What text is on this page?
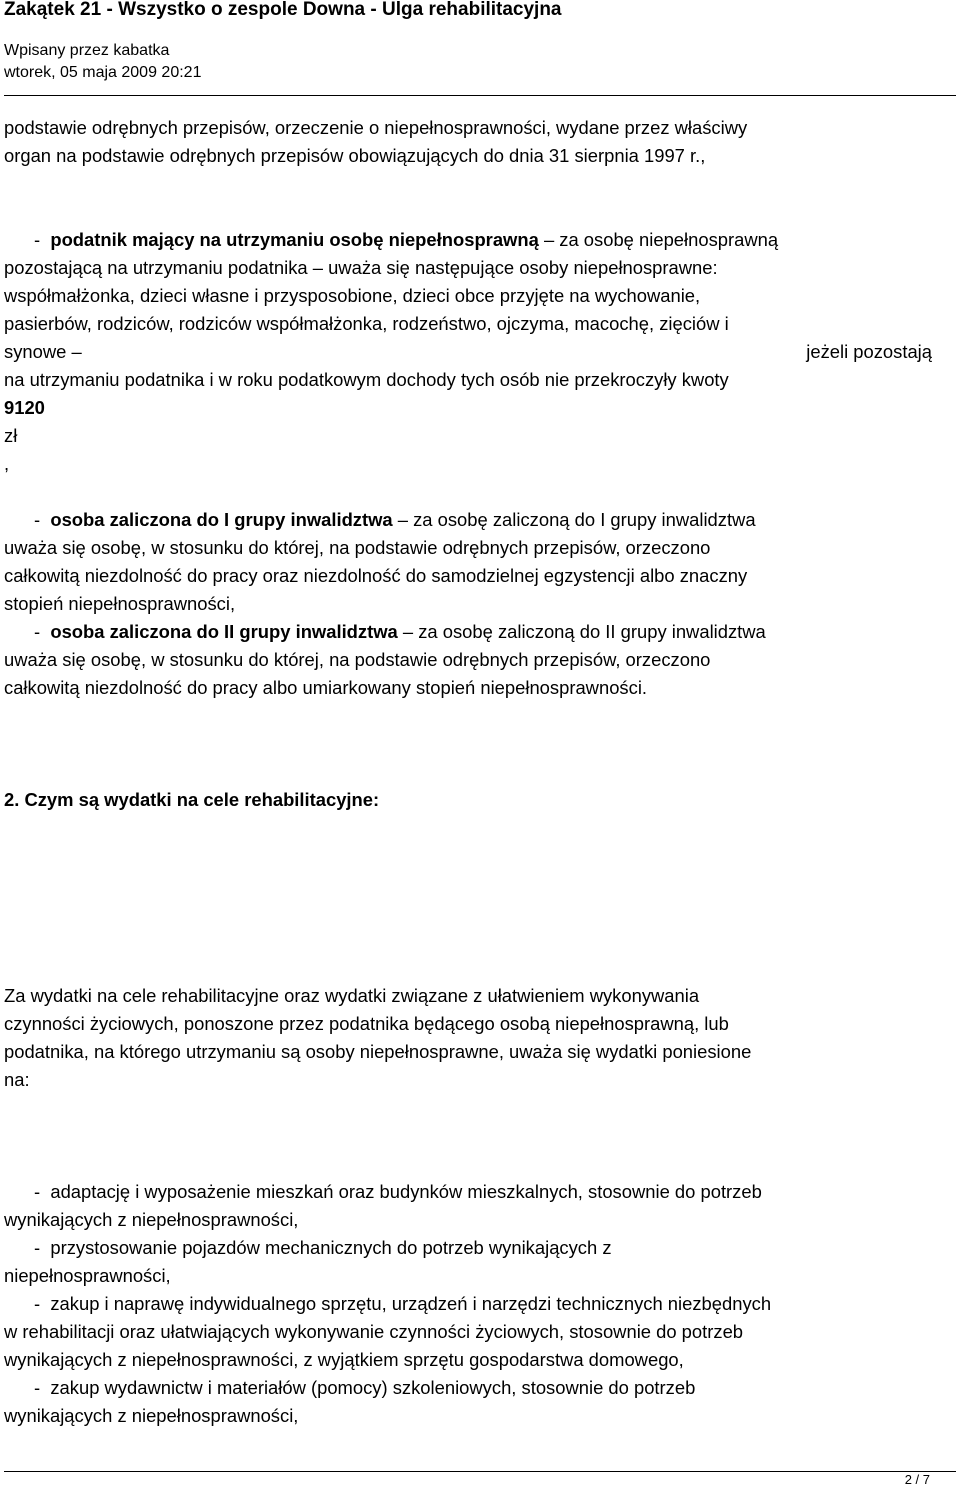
Zakątek 21 - Wszystko o zespole Downa - Ulga rehabilitacyjna
Wpisany przez kabatka
wtorek, 05 maja 2009 20:21

podstawie odrębnych przepisów, orzeczenie o niepełnosprawności, wydane przez właściwy

organ na podstawie odrębnych przepisów obowiązujących do dnia 31 sierpnia 1997 r.,

-  podatnik mający na utrzymaniu osobę niepełnosprawną – za osobę niepełnosprawną

pozostającą na utrzymaniu podatnika – uważa się następujące osoby niepełnosprawne:

współmałżonka, dzieci własne i przysposobione, dzieci obce przyjęte na wychowanie,

pasierbów, rodziców, rodziców współmałżonka, rodzeństwo, ojczyma, macochę, zięciów i

synowe –	jeżeli pozostają

na utrzymaniu podatnika i w roku podatkowym dochody tych osób nie przekroczyły kwoty

9120

zł

,

-  osoba zaliczona do I grupy inwalidztwa – za osobę zaliczoną do I grupy inwalidztwa

uważa się osobę, w stosunku do której, na podstawie odrębnych przepisów, orzeczono

całkowitą niezdolność do pracy oraz niezdolność do samodzielnej egzystencji albo znaczny

stopień niepełnosprawności,

-  osoba zaliczona do II grupy inwalidztwa – za osobę zaliczoną do II grupy inwalidztwa

uważa się osobę, w stosunku do której, na podstawie odrębnych przepisów, orzeczono

całkowitą niezdolność do pracy albo umiarkowany stopień niepełnosprawności.

2. Czym są wydatki na cele rehabilitacyjne:

Za wydatki na cele rehabilitacyjne oraz wydatki związane z ułatwieniem wykonywania

czynności życiowych, ponoszone przez podatnika będącego osobą niepełnosprawną, lub

podatnika, na którego utrzymaniu są osoby niepełnosprawne, uważa się wydatki poniesione

na:

-  adaptację i wyposażenie mieszkań oraz budynków mieszkalnych, stosownie do potrzeb

wynikających z niepełnosprawności,

-  przystosowanie pojazdów mechanicznych do potrzeb wynikających z

niepełnosprawności,

-  zakup i naprawę indywidualnego sprzętu, urządzeń i narzędzi technicznych niezbędnych

w rehabilitacji oraz ułatwiających wykonywanie czynności życiowych, stosownie do potrzeb

wynikających z niepełnosprawności, z wyjątkiem sprzętu gospodarstwa domowego,

-  zakup wydawnictw i materiałów (pomocy) szkoleniowych, stosownie do potrzeb

wynikających z niepełnosprawności,

2 / 7
